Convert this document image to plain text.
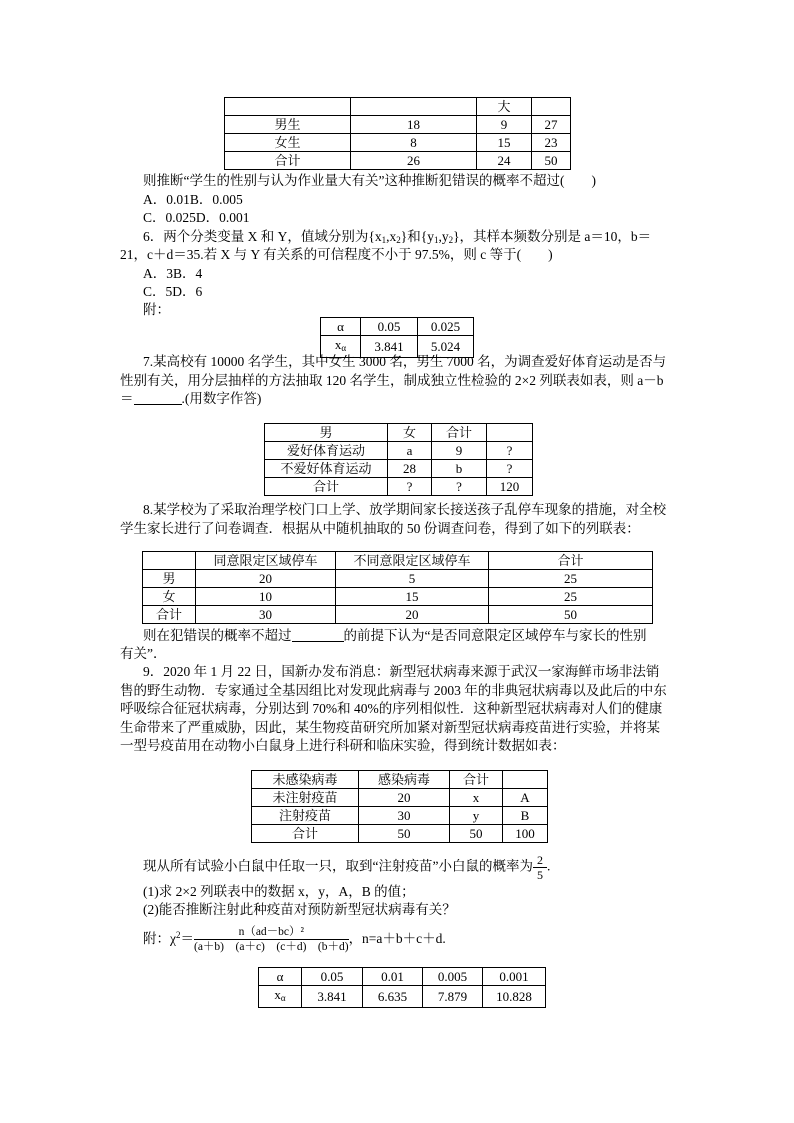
		大	
男生	18	9	27
女生	8	15	23
合计	26	24	50
则推断“学生的性别与认为作业量大有关”这种推断犯错误的概率不超过(　　)
A．0.01B．0.005
C．0.025D．0.001
6．两个分类变量 X 和 Y，值域分别为$\{x_1,x_2\}$和$\{y_1,y_2\}$，其样本频数分别是 a＝10，b＝
21，c＋d＝35.若 X 与 Y 有关系的可信程度不小于 97.5%，则 c 等于(　　)
A．3B．4
C．5D．6
附：
α	0.05	0.025
$x_\alpha$	3.841	5.024
7.某高校有 10000 名学生，其中女生 3000 名，男生 7000 名，为调查爱好体育运动是否与
性别有关，用分层抽样的方法抽取 120 名学生，制成独立性检验的 2×2 列联表如表，则 a－b
＝	.(用数字作答)
男	女	合计	
爱好体育运动	a	9	?
不爱好体育运动	28	b	?
合计	?	?	120
8.某学校为了采取治理学校门口上学、放学期间家长接送孩子乱停车现象的措施，对全校
学生家长进行了问卷调查．根据从中随机抽取的 50 份调查问卷，得到了如下的列联表：
	同意限定区域停车	不同意限定区域停车	合计
男	20	5	25
女	10	15	25
合计	30	20	50
则在犯错误的概率不超过	的前提下认为“是否同意限定区域停车与家长的性别
有关”．
9．2020 年 1 月 22 日，国新办发布消息：新型冠状病毒来源于武汉一家海鲜市场非法销
售的野生动物．专家通过全基因组比对发现此病毒与 2003 年的非典冠状病毒以及此后的中东
呼吸综合征冠状病毒，分别达到 70%和 40%的序列相似性．这种新型冠状病毒对人们的健康
生命带来了严重威胁，因此，某生物疫苗研究所加紧对新型冠状病毒疫苗进行实验，并将某
一型号疫苗用在动物小白鼠身上进行科研和临床实验，得到统计数据如表：
未感染病毒	感染病毒	合计	
未注射疫苗	20	x	A
注射疫苗	30	y	B
合计	50	50	100
现从所有试验小白鼠中任取一只，取到“注射疫苗”小白鼠的概率为 $\frac{2}{5}$ .
(1)求 2×2 列联表中的数据 x，y，A，B 的值；
(2)能否推断注射此种疫苗对预防新型冠状病毒有关？
附：$\chi^2= \frac{\text{n（ad－bc）²}}{(a+b) (a+c) (c+d) (b+d)}$ ，n=a＋b＋c＋d.
α	0.05	0.01	0.005	0.001
$x_\alpha$	3.841	6.635	7.879	10.828
